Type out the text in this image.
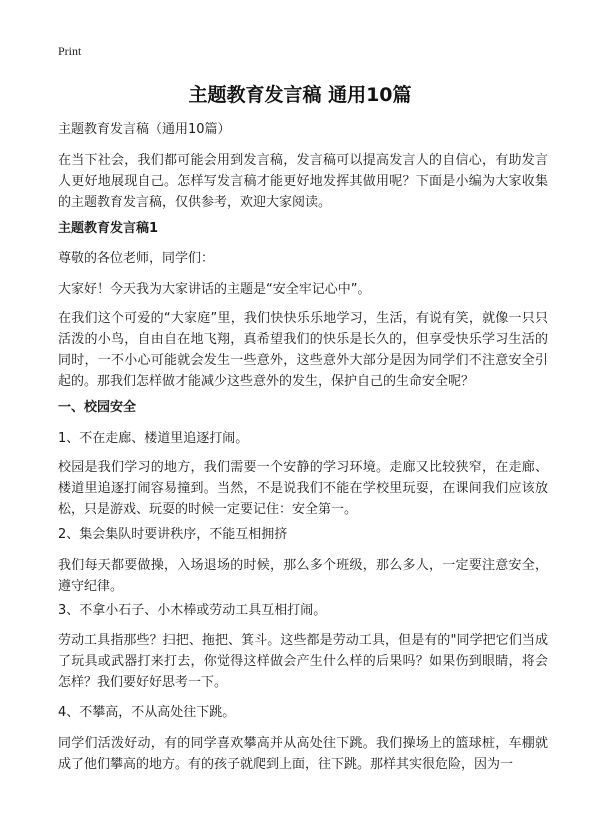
Print
主题教育发言稿 通用10篇

主题教育发言稿（通用10篇）

在当下社会，我们都可能会用到发言稿，发言稿可以提高发言人的自信心，有助发言人更好地展现自己。怎样写发言稿才能更好地发挥其做用呢？下面是小编为大家收集的主题教育发言稿，仅供参考，欢迎大家阅读。

主题教育发言稿1

尊敬的各位老师，同学们：

大家好！今天我为大家讲话的主题是“安全牢记心中”。

在我们这个可爱的“大家庭”里，我们快快乐乐地学习，生活，有说有笑，就像一只只活泼的小鸟，自由自在地飞翔，真希望我们的快乐是长久的，但享受快乐学习生活的同时，一不小心可能就会发生一些意外，这些意外大部分是因为同学们不注意安全引起的。那我们怎样做才能减少这些意外的发生，保护自己的生命安全呢？

一、校园安全

1、不在走廊、楼道里追逐打闹。

校园是我们学习的地方，我们需要一个安静的学习环境。走廊又比较狭窄，在走廊、楼道里追逐打闹容易撞到。当然，不是说我们不能在学校里玩耍，在课间我们应该放松，只是游戏、玩耍的时候一定要记住：安全第一。

2、集会集队时要讲秩序，不能互相拥挤

我们每天都要做操，入场退场的时候，那么多个班级，那么多人，一定要注意安全，遵守纪律。

3、不拿小石子、小木棒或劳动工具互相打闹。

劳动工具指那些？扫把、拖把、箕斗。这些都是劳动工具，但是有的"同学把它们当成了玩具或武器打来打去，你觉得这样做会产生什么样的后果吗？如果伤到眼睛，将会怎样？我们要好好思考一下。

4、不攀高，不从高处往下跳。

同学们活泼好动，有的同学喜欢攀高并从高处往下跳。我们操场上的篮球桩，车棚就成了他们攀高的地方。有的孩子就爬到上面，往下跳。那样其实很危险，因为一
